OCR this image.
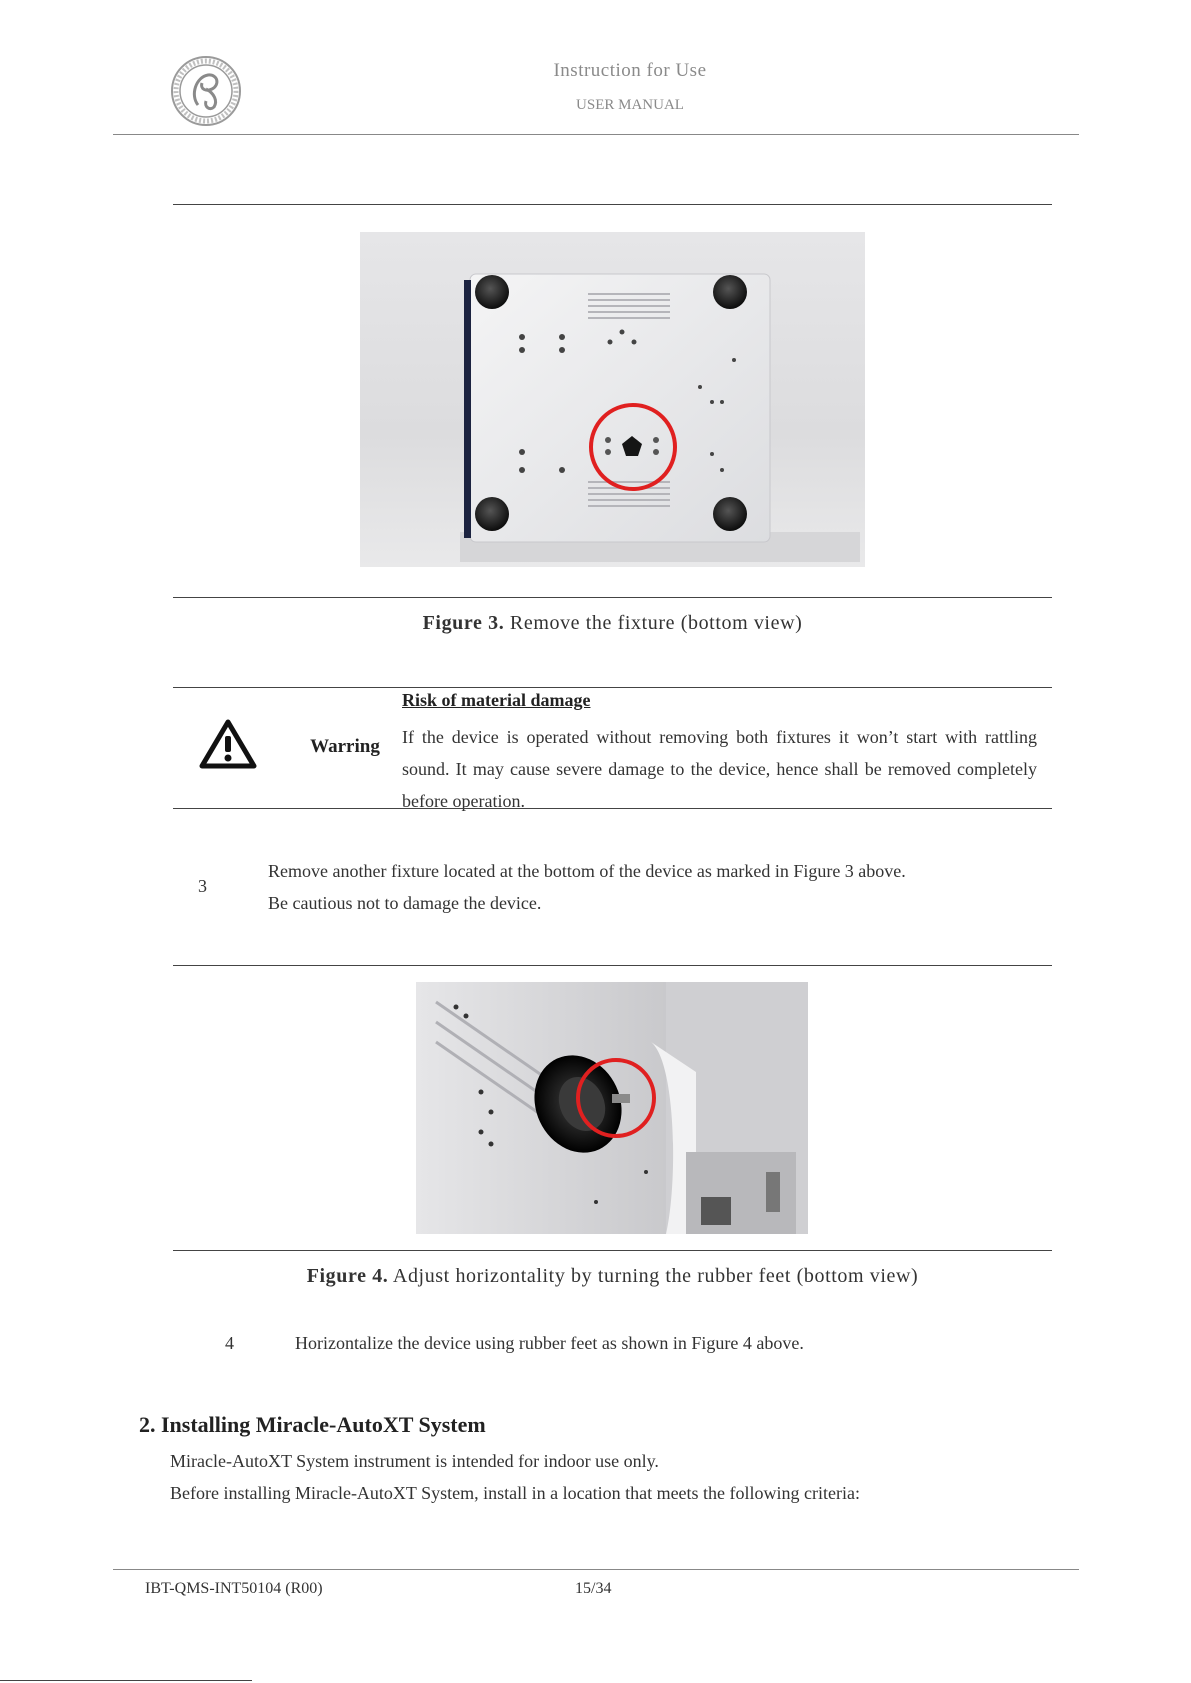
Instruction for Use
USER MANUAL
Figure 3. Remove the fixture (bottom view)
Warring
Risk of material damage
If the device is operated without removing both fixtures it won’t start with rattling sound. It may cause severe damage to the device, hence shall be removed completely before operation.
3
Remove another fixture located at the bottom of the device as marked in Figure 3 above.
Be cautious not to damage the device.
Figure 4. Adjust horizontality by turning the rubber feet (bottom view)
4	Horizontalize the device using rubber feet as shown in Figure 4 above.
2. Installing Miracle-AutoXT System
Miracle-AutoXT System instrument is intended for indoor use only.
Before installing Miracle-AutoXT System, install in a location that meets the following criteria:
IBT-QMS-INT50104 (R00)	15/34
